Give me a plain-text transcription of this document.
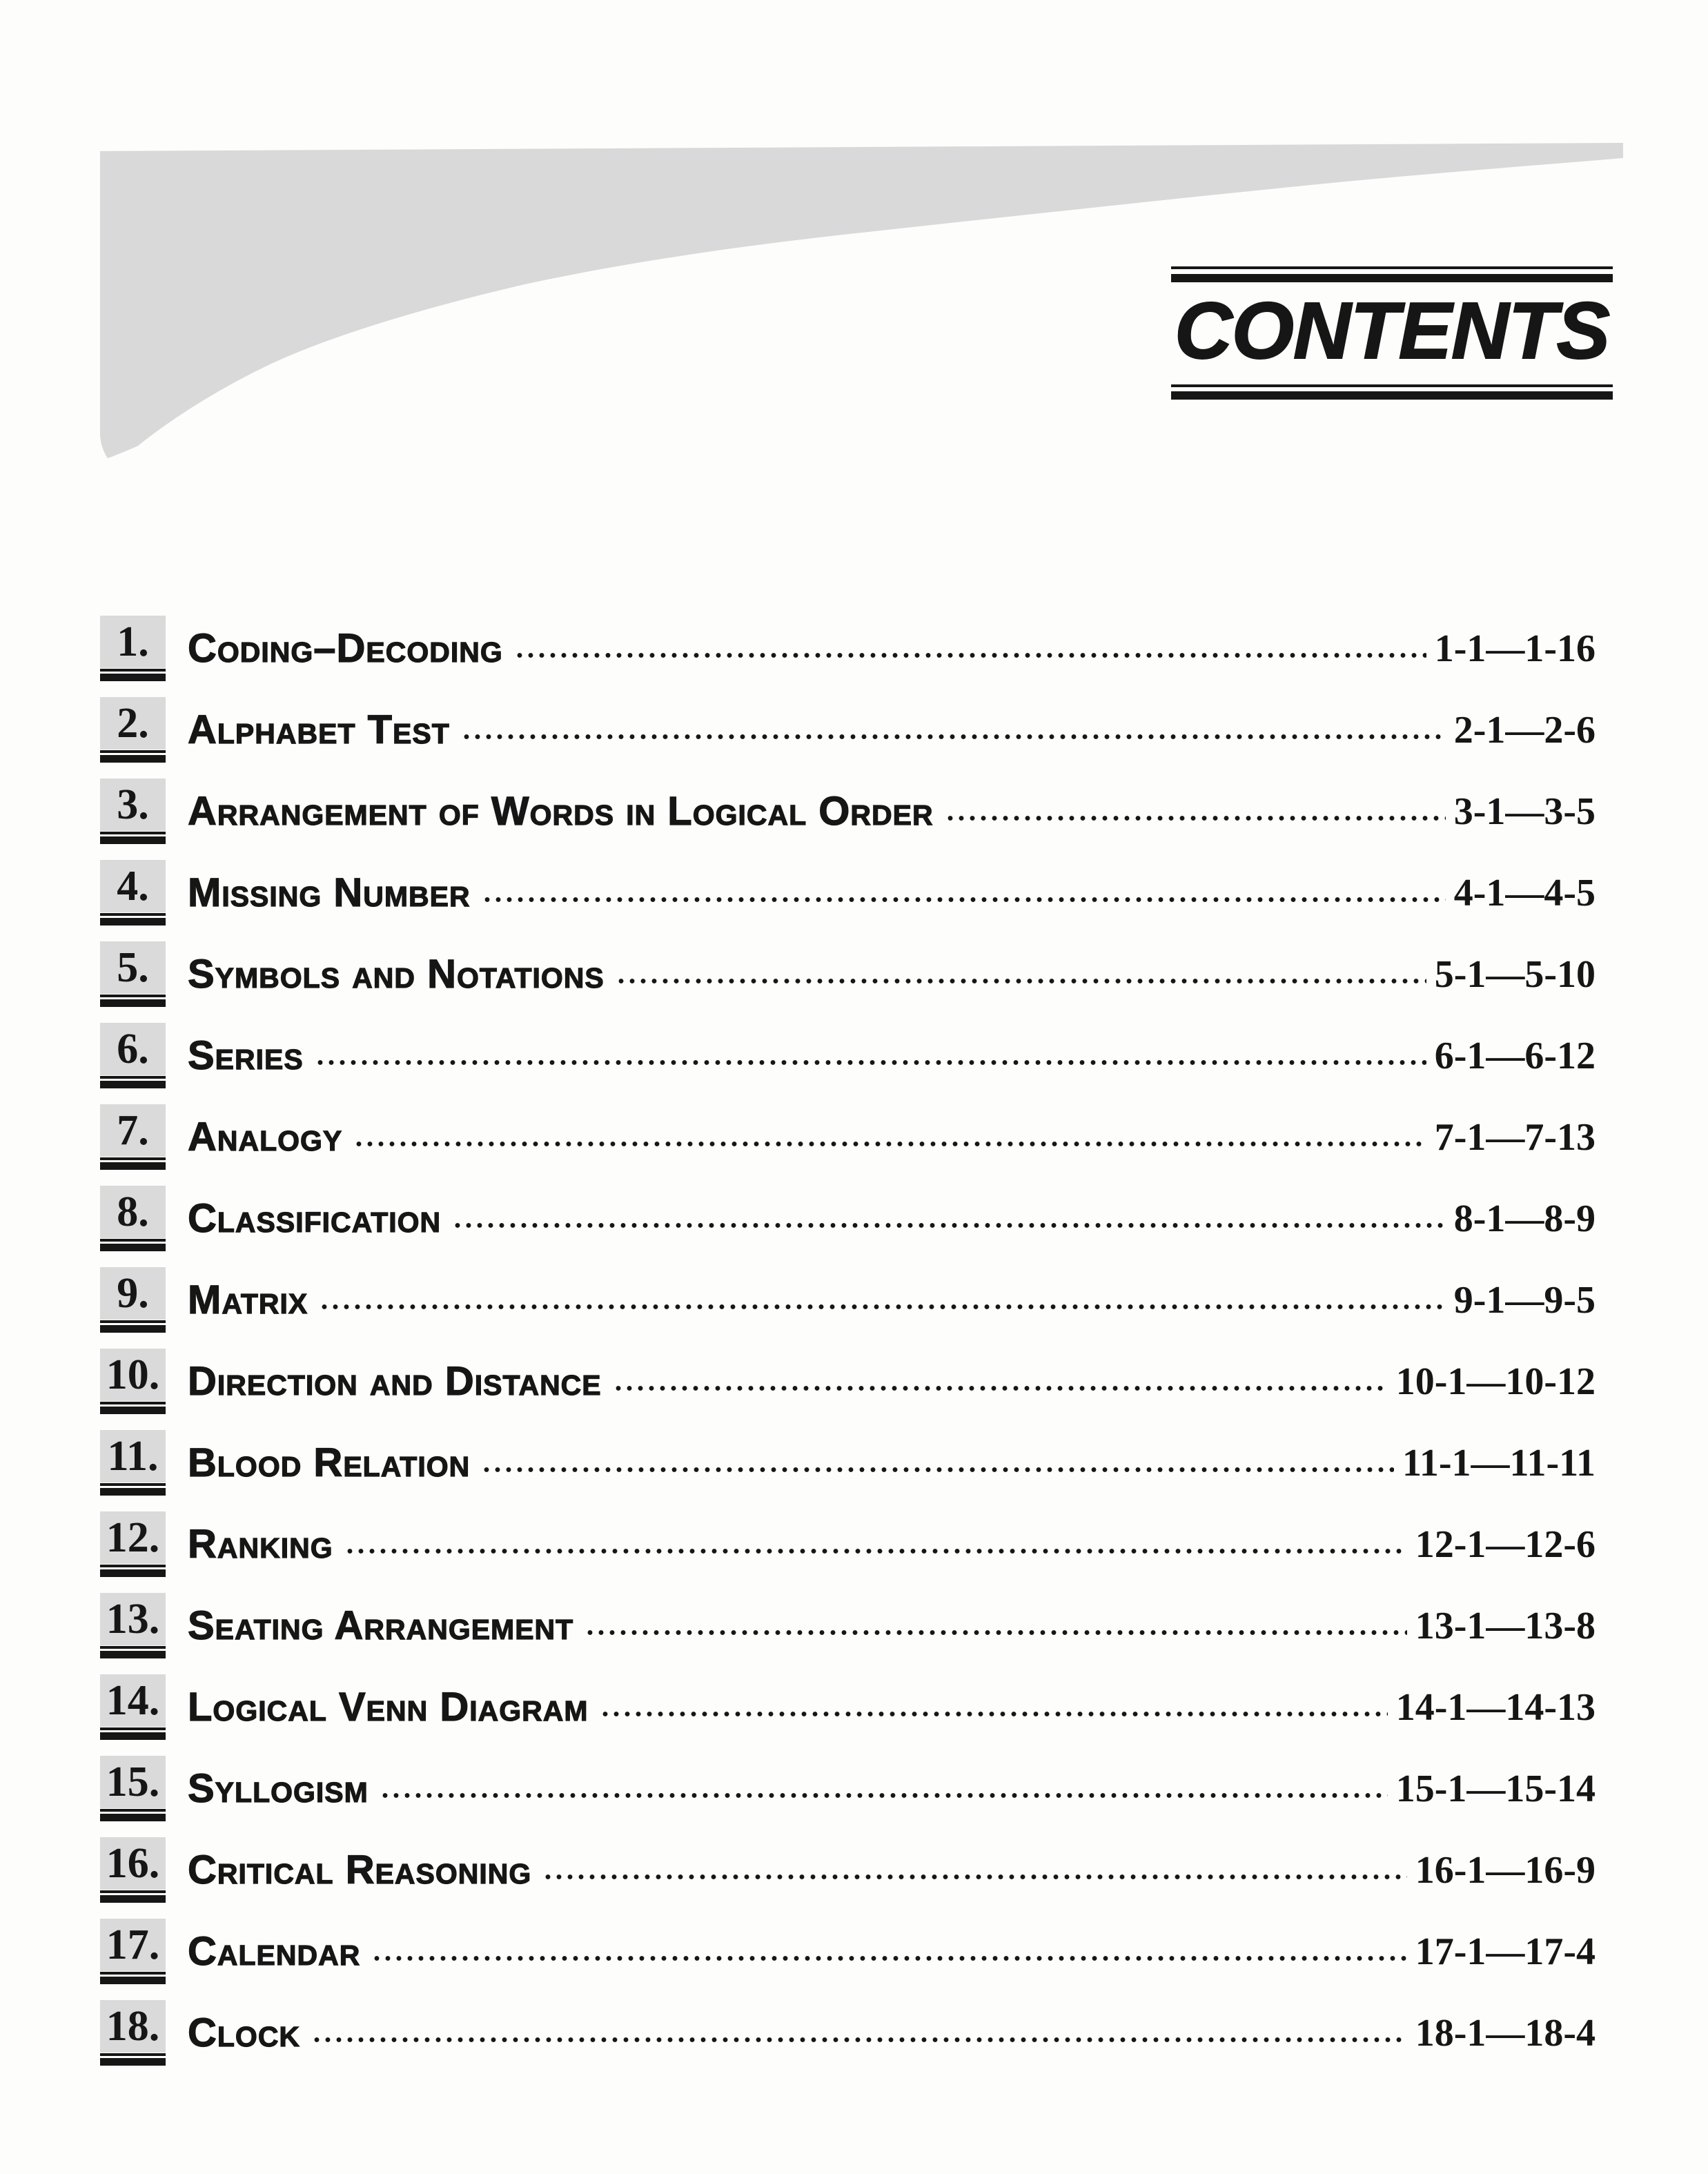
CONTENTS
1. Coding–Decoding	1-1—1-16
2. Alphabet Test	2-1—2-6
3. Arrangement of Words in Logical Order	3-1—3-5
4. Missing Number	4-1—4-5
5. Symbols and Notations	5-1—5-10
6. Series	6-1—6-12
7. Analogy	7-1—7-13
8. Classification	8-1—8-9
9. Matrix	9-1—9-5
10. Direction and Distance	10-1—10-12
11. Blood Relation	11-1—11-11
12. Ranking	12-1—12-6
13. Seating Arrangement	13-1—13-8
14. Logical Venn Diagram	14-1—14-13
15. Syllogism	15-1—15-14
16. Critical Reasoning	16-1—16-9
17. Calendar	17-1—17-4
18. Clock	18-1—18-4
